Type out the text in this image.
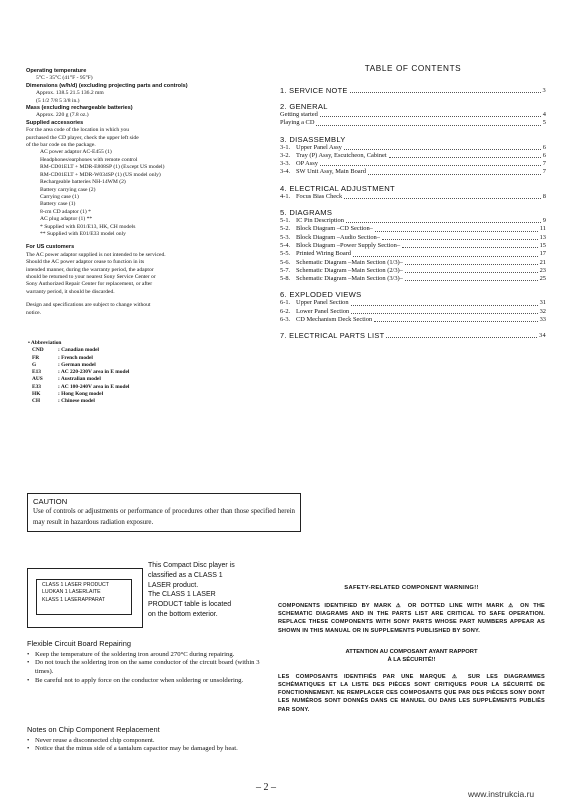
Operating temperature
5°C - 35°C (41°F - 95°F)
Dimensions (w/h/d) (excluding projecting parts and controls)
Approx. 138.5 21.5 136.2 mm
(5 1/2 7/8 5 3/8 in.)
Mass (excluding rechargeable batteries)
Approx. 220 g (7.8 oz.)
Supplied accessories
For the area code of the location in which you
purchased the CD player, check the upper left side
of the bar code on the package.
AC power adaptor AC-E455 (1)
Headphones/earphones with remote control
RM-CD01ELT + MDR-E808SP (1) (Except US model)
RM-CD01ELT + MDR-W034SP (1) (US model only)
Rechargeable batteries NH-14WM (2)
Battery carrying case (2)
Carrying case (1)
Battery case (1)
8-cm CD adaptor (1) *
AC plug adaptor (1) **
* Supplied with E01/E13, HK, CH models
** Supplied with E01/E33 model only
For US customers
The AC power adaptor supplied is not intended to be serviced.
Should the AC power adaptor cease to function in its
intended manner, during the warranty period, the adaptor
should be returned to your nearest Sony Service Center or
Sony Authorized Repair Center for replacement, or after
warranty period, it should be discarded.
Design and specifications are subject to change without
notice.
• Abbreviation
CND	: Canadian model
FR	: French model
G	: German model
E13	: AC 220-230V area in E model
AUS	: Australian model
E33	: AC 100-240V area in E model
HK	: Hong Kong model
CH	: Chinese model
CAUTION
Use of controls or adjustments or performance of procedures other than those specified herein may result in hazardous radiation exposure.
CLASS 1 LASER PRODUCT
LUOKAN 1 LASERLAITE
KLASS 1 LASERAPPARAT
This Compact Disc player is
classified as a CLASS 1
LASER product.
The CLASS 1 LASER
PRODUCT table is located
on the bottom exterior.
Flexible Circuit Board Repairing
• Keep the temperature of the soldering iron around 270°C during repairing.
• Do not touch the soldering iron on the same conductor of the circuit board (within 3 times).
• Be careful not to apply force on the conductor when soldering or unsoldering.
Notes on Chip Component Replacement
• Never reuse a disconnected chip component.
• Notice that the minus side of a tantalum capacitor may be damaged by heat.
TABLE OF CONTENTS
1. SERVICE NOTE	3
2. GENERAL
Getting started	4
Playing a CD	5
3. DISASSEMBLY
3-1. Upper Panel Assy	6
3-2. Tray (P) Assy, Escutcheon, Cabinet	6
3-3. OP Assy	7
3-4. SW Unit Assy, Main Board	7
4. ELECTRICAL ADJUSTMENT
4-1. Focus Bias Check	8
5. DIAGRAMS
5-1. IC Pin Description	9
5-2. Block Diagram –CD Section–	11
5-3. Block Diagram –Audio Section–	13
5-4. Block Diagram –Power Supply Section–	15
5-5. Printed Wiring Board	17
5-6. Schematic Diagram –Main Section (1/3)–	21
5-7. Schematic Diagram –Main Section (2/3)–	23
5-8. Schematic Diagram –Main Section (3/3)–	25
6. EXPLODED VIEWS
6-1. Upper Panel Section	31
6-2. Lower Panel Section	32
6-3. CD Mechanism Deck Section	33
7. ELECTRICAL PARTS LIST	34
SAFETY-RELATED COMPONENT WARNING!!
COMPONENTS IDENTIFIED BY MARK ⚠ OR DOTTED LINE WITH MARK ⚠ ON THE SCHEMATIC DIAGRAMS AND IN THE PARTS LIST ARE CRITICAL TO SAFE OPERATION. REPLACE THESE COMPONENTS WITH SONY PARTS WHOSE PART NUMBERS APPEAR AS SHOWN IN THIS MANUAL OR IN SUPPLEMENTS PUBLISHED BY SONY.
ATTENTION AU COMPOSANT AYANT RAPPORT
À LA SÉCURITÉ!!
LES COMPOSANTS IDENTIFIÉS PAR UNE MARQUE ⚠ SUR LES DIAGRAMMES SCHÉMATIQUES ET LA LISTE DES PIÈCES SONT CRITIQUES POUR LA SÉCURITÉ DE FONCTIONNEMENT. NE REMPLACER CES COMPOSANTS QUE PAR DES PIÈCES SONY DONT LES NUMÉROS SONT DONNÉS DANS CE MANUEL OU DANS LES SUPPLÉMENTS PUBLIÉS PAR SONY.
– 2 –
www.instrukcia.ru
